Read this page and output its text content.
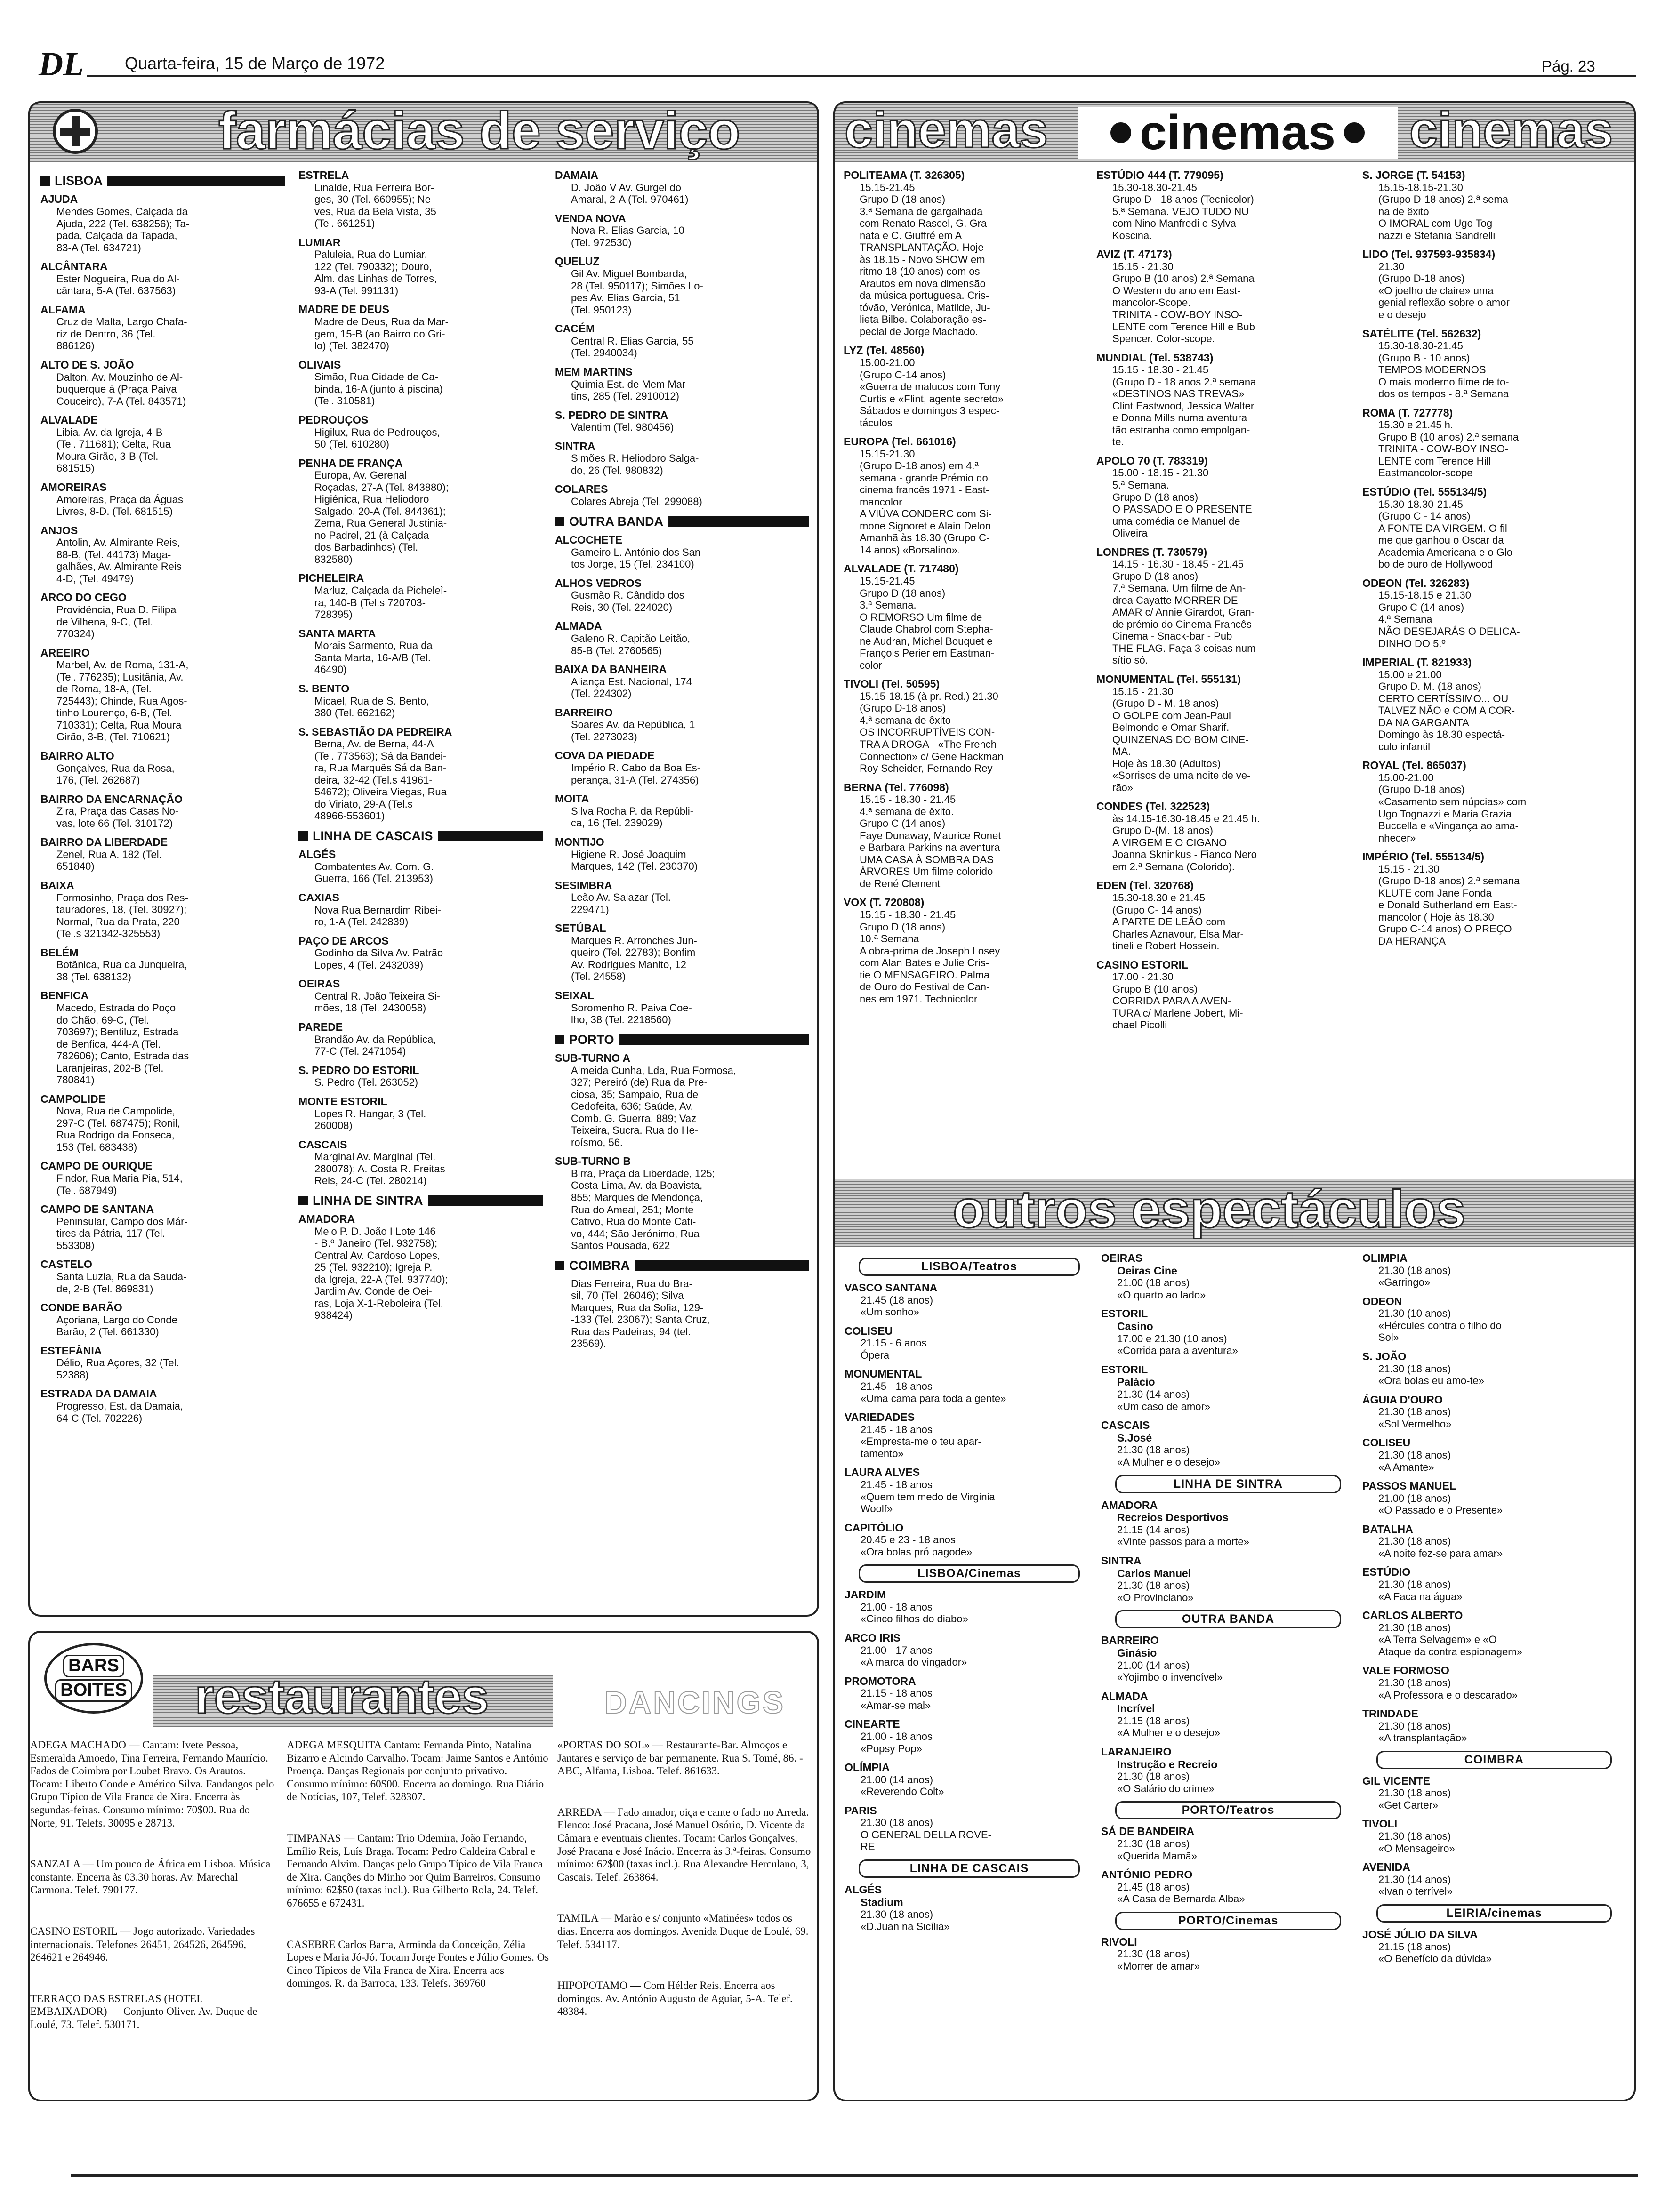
DL Quarta-feira, 15 de Março de 1972	Pág. 23
farmácias de serviço
LISBOA
AJUDA
Mendes Gomes, Calçada da
Ajuda, 222 (Tel. 638256); Ta-
pada, Calçada da Tapada,
83-A (Tel. 634721)
ALCÂNTARA
Ester Nogueira, Rua do Al-
cântara, 5-A (Tel. 637563)
ALFAMA
Cruz de Malta, Largo Chafa-
riz de Dentro, 36 (Tel.
886126)
ALTO DE S. JOÃO
Dalton, Av. Mouzinho de Al-
buquerque à (Praça Paiva
Couceiro), 7-A (Tel. 843571)
ALVALADE
Libia, Av. da Igreja, 4-B
(Tel. 711681); Celta, Rua
Moura Girão, 3-B (Tel.
681515)
AMOREIRAS
Amoreiras, Praça da Águas
Livres, 8-D. (Tel. 681515)
ANJOS
Antolin, Av. Almirante Reis,
88-B, (Tel. 44173) Maga-
galhães, Av. Almirante Reis
4-D, (Tel. 49479)
ARCO DO CEGO
Providência, Rua D. Filipa
de Vilhena, 9-C, (Tel.
770324)
AREEIRO
Marbel, Av. de Roma, 131-A,
(Tel. 776235); Lusitânia, Av.
de Roma, 18-A, (Tel.
725443); Chinde, Rua Agos-
tinho Lourenço, 6-B, (Tel.
710331); Celta, Rua Moura
Girão, 3-B, (Tel. 710621)
BAIRRO ALTO
Gonçalves, Rua da Rosa,
176, (Tel. 262687)
BAIRRO DA ENCARNAÇÃO
Zira, Praça das Casas No-
vas, lote 66 (Tel. 310172)
BAIRRO DA LIBERDADE
Zenel, Rua A. 182 (Tel.
651840)
BAIXA
Formosinho, Praça dos Res-
tauradores, 18, (Tel. 30927);
Normal, Rua da Prata, 220
(Tel.s 321342-325553)
BELÉM
Botânica, Rua da Junqueira,
38 (Tel. 638132)
BENFICA
Macedo, Estrada do Poço
do Chão, 69-C, (Tel.
703697); Bentiluz, Estrada
de Benfica, 444-A (Tel.
782606); Canto, Estrada das
Laranjeiras, 202-B (Tel.
780841)
CAMPOLIDE
Nova, Rua de Campolide,
297-C (Tel. 687475); Ronil,
Rua Rodrigo da Fonseca,
153 (Tel. 683438)
CAMPO DE OURIQUE
Findor, Rua Maria Pia, 514,
(Tel. 687949)
CAMPO DE SANTANA
Peninsular, Campo dos Már-
tires da Pátria, 117 (Tel.
553308)
CASTELO
Santa Luzia, Rua da Sauda-
de, 2-B (Tel. 869831)
CONDE BARÃO
Açoriana, Largo do Conde
Barão, 2 (Tel. 661330)
ESTEFÂNIA
Délio, Rua Açores, 32 (Tel.
52388)
ESTRADA DA DAMAIA
Progresso, Est. da Damaia,
64-C (Tel. 702226)
ESTRELA
Linalde, Rua Ferreira Bor-
ges, 30 (Tel. 660955); Ne-
ves, Rua da Bela Vista, 35
(Tel. 661251)
LUMIAR
Paluleia, Rua do Lumiar,
122 (Tel. 790332); Douro,
Alm. das Linhas de Torres,
93-A (Tel. 991131)
MADRE DE DEUS
Madre de Deus, Rua da Mar-
gem, 15-B (ao Bairro do Gri-
lo) (Tel. 382470)
OLIVAIS
Simão, Rua Cidade de Ca-
binda, 16-A (junto à piscina)
(Tel. 310581)
PEDROUÇOS
Higilux, Rua de Pedrouços,
50 (Tel. 610280)
PENHA DE FRANÇA
Europa, Av. Gerenal
Roçadas, 27-A (Tel. 843880);
Higiénica, Rua Heliodoro
Salgado, 20-A (Tel. 844361);
Zema, Rua General Justinia-
no Padrel, 21 (à Calçada
dos Barbadinhos) (Tel.
832580)
PICHELEIRA
Marluz, Calçada da Picheleì-
ra, 140-B (Tel.s 720703-
728395)
SANTA MARTA
Morais Sarmento, Rua da
Santa Marta, 16-A/B (Tel.
46490)
S. BENTO
Micael, Rua de S. Bento,
380 (Tel. 662162)
S. SEBASTIÃO DA PEDREIRA
Berna, Av. de Berna, 44-A
(Tel. 773563); Sá da Bandei-
ra, Rua Marquês Sá da Ban-
deira, 32-42 (Tel.s 41961-
54672); Oliveira Viegas, Rua
do Viriato, 29-A (Tel.s
48966-553601)
LINHA DE CASCAIS
ALGÉS
Combatentes Av. Com. G.
Guerra, 166 (Tel. 213953)
CAXIAS
Nova Rua Bernardim Ribei-
ro, 1-A (Tel. 242839)
PAÇO DE ARCOS
Godinho da Silva Av. Patrão
Lopes, 4 (Tel. 2432039)
OEIRAS
Central R. João Teixeira Si-
mões, 18 (Tel. 2430058)
PAREDE
Brandão Av. da República,
77-C (Tel. 2471054)
S. PEDRO DO ESTORIL
S. Pedro (Tel. 263052)
MONTE ESTORIL
Lopes R. Hangar, 3 (Tel.
260008)
CASCAIS
Marginal Av. Marginal (Tel.
280078); A. Costa R. Freitas
Reis, 24-C (Tel. 280214)
LINHA DE SINTRA
AMADORA
Melo P. D. João I Lote 146
- B.º Janeiro (Tel. 932758);
Central Av. Cardoso Lopes,
25 (Tel. 932210); Igreja P.
da Igreja, 22-A (Tel. 937740);
Jardim Av. Conde de Oei-
ras, Loja X-1-Reboleira (Tel.
938424)
DAMAIA
D. João V Av. Gurgel do
Amaral, 2-A (Tel. 970461)
VENDA NOVA
Nova R. Elias Garcia, 10
(Tel. 972530)
QUELUZ
Gil Av. Miguel Bombarda,
28 (Tel. 950117); Simões Lo-
pes Av. Elias Garcia, 51
(Tel. 950123)
CACÉM
Central R. Elias Garcia, 55
(Tel. 2940034)
MEM MARTINS
Quimia Est. de Mem Mar-
tins, 285 (Tel. 2910012)
S. PEDRO DE SINTRA
Valentim (Tel. 980456)
SINTRA
Simões R. Heliodoro Salga-
do, 26 (Tel. 980832)
COLARES
Colares Abreja (Tel. 299088)
OUTRA BANDA
ALCOCHETE
Gameiro L. António dos San-
tos Jorge, 15 (Tel. 234100)
ALHOS VEDROS
Gusmão R. Cândido dos
Reis, 30 (Tel. 224020)
ALMADA
Galeno R. Capitão Leitão,
85-B (Tel. 2760565)
BAIXA DA BANHEIRA
Aliança Est. Nacional, 174
(Tel. 224302)
BARREIRO
Soares Av. da República, 1
(Tel. 2273023)
COVA DA PIEDADE
Império R. Cabo da Boa Es-
perança, 31-A (Tel. 274356)
MOITA
Silva Rocha P. da Repúbli-
ca, 16 (Tel. 239029)
MONTIJO
Higiene R. José Joaquim
Marques, 142 (Tel. 230370)
SESIMBRA
Leão Av. Salazar (Tel.
229471)
SETÚBAL
Marques R. Arronches Jun-
queiro (Tel. 22783); Bonfim
Av. Rodrigues Manito, 12
(Tel. 24558)
SEIXAL
Soromenho R. Paiva Coe-
lho, 38 (Tel. 2218560)
PORTO
SUB-TURNO A
Almeida Cunha, Lda, Rua Formosa,
327; Pereiró (de) Rua da Pre-
ciosa, 35; Sampaio, Rua de
Cedofeita, 636; Saúde, Av.
Comb. G. Guerra, 889; Vaz
Teixeira, Sucra. Rua do He-
roísmo, 56.
SUB-TURNO B
Birra, Praça da Liberdade, 125;
Costa Lima, Av. da Boavista,
855; Marques de Mendonça,
Rua do Ameal, 251; Monte
Cativo, Rua do Monte Cati-
vo, 444; São Jerónimo, Rua
Santos Pousada, 622
COIMBRA
Dias Ferreira, Rua do Bra-
sil, 70 (Tel. 26046); Silva
Marques, Rua da Sofia, 129-
-133 (Tel. 23067); Santa Cruz,
Rua das Padeiras, 94 (tel.
23569).
cinemas cinemas cinemas
POLITEAMA (T. 326305)
15.15-21.45
Grupo D (18 anos)
3.ª Semana de gargalhada
com Renato Rascel, G. Gra-
nata e C. Giuffré em A
TRANSPLANTAÇÃO. Hoje
às 18.15 - Novo SHOW em
ritmo 18 (10 anos) com os
Arautos em nova dimensão
da música portuguesa. Cris-
tóvão, Verónica, Matilde, Ju-
lieta Bilbe. Colaboração es-
pecial de Jorge Machado.
LYZ (Tel. 48560)
15.00-21.00
(Grupo C-14 anos)
«Guerra de malucos com Tony
Curtis e «Flint, agente secreto»
Sábados e domingos 3 espec-
táculos
EUROPA (Tel. 661016)
15.15-21.30
(Grupo D-18 anos) em 4.ª
semana - grande Prémio do
cinema francês 1971 - East-
mancolor
A VIÚVA CONDERC com Si-
mone Signoret e Alain Delon
Amanhã às 18.30 (Grupo C-
14 anos) «Borsalino».
ALVALADE (T. 717480)
15.15-21.45
Grupo D (18 anos)
3.ª Semana.
O REMORSO Um filme de
Claude Chabrol com Stepha-
ne Audran, Michel Bouquet e
François Perier em Eastman-
color
TIVOLI (Tel. 50595)
15.15-18.15 (à pr. Red.) 21.30
(Grupo D-18 anos)
4.ª semana de êxito
OS INCORRUPTÍVEIS CON-
TRA A DROGA - «The French
Connection» c/ Gene Hackman
Roy Scheider, Fernando Rey
BERNA (Tel. 776098)
15.15 - 18.30 - 21.45
4.ª semana de êxito.
Grupo C (14 anos)
Faye Dunaway, Maurice Ronet
e Barbara Parkins na aventura
UMA CASA À SOMBRA DAS
ÁRVORES Um filme colorido
de René Clement
VOX (T. 720808)
15.15 - 18.30 - 21.45
Grupo D (18 anos)
10.ª Semana
A obra-prima de Joseph Losey
com Alan Bates e Julie Cris-
tie O MENSAGEIRO. Palma
de Ouro do Festival de Can-
nes em 1971. Technicolor
ESTÚDIO 444 (T. 779095)
15.30-18.30-21.45
Grupo D - 18 anos (Tecnicolor)
5.ª Semana. VEJO TUDO NU
com Nino Manfredi e Sylva
Koscina.
AVIZ (T. 47173)
15.15 - 21.30
Grupo B (10 anos) 2.ª Semana
O Western do ano em East-
mancolor-Scope.
TRINITA - COW-BOY INSO-
LENTE com Terence Hill e Bub
Spencer. Color-scope.
MUNDIAL (Tel. 538743)
15.15 - 18.30 - 21.45
(Grupo D - 18 anos 2.ª semana
«DESTINOS NAS TREVAS»
Clint Eastwood, Jessica Walter
e Donna Mills numa aventura
tão estranha como empolgan-
te.
APOLO 70 (T. 783319)
15.00 - 18.15 - 21.30
5.ª Semana.
Grupo D (18 anos)
O PASSADO E O PRESENTE
uma comédia de Manuel de
Oliveira
LONDRES (T. 730579)
14.15 - 16.30 - 18.45 - 21.45
Grupo D (18 anos)
7.ª Semana. Um filme de An-
drea Cayatte MORRER DE
AMAR c/ Annie Girardot, Gran-
de prémio do Cinema Francês
Cinema - Snack-bar - Pub
THE FLAG. Faça 3 coisas num
sítio só.
MONUMENTAL (Tel. 555131)
15.15 - 21.30
(Grupo D - M. 18 anos)
O GOLPE com Jean-Paul
Belmondo e Omar Sharif.
QUINZENAS DO BOM CINE-
MA.
Hoje às 18.30 (Adultos)
«Sorrisos de uma noite de ve-
rão»
CONDES (Tel. 322523)
às 14.15-16.30-18.45 e 21.45 h.
Grupo D-(M. 18 anos)
A VIRGEM E O CIGANO
Joanna Skninkus - Fianco Nero
em 2.ª Semana (Colorido).
EDEN (Tel. 320768)
15.30-18.30 e 21.45
(Grupo C- 14 anos)
A PARTE DE LEÃO com
Charles Aznavour, Elsa Mar-
tineli e Robert Hossein.
CASINO ESTORIL
17.00 - 21.30
Grupo B (10 anos)
CORRIDA PARA A AVEN-
TURA c/ Marlene Jobert, Mi-
chael Picolli
S. JORGE (T. 54153)
15.15-18.15-21.30
(Grupo D-18 anos) 2.ª sema-
na de êxito
O IMORAL com Ugo Tog-
nazzi e Stefania Sandrelli
LIDO (Tel. 937593-935834)
21.30
(Grupo D-18 anos)
«O joelho de claire» uma
genial reflexão sobre o amor
e o desejo
SATÉLITE (Tel. 562632)
15.30-18.30-21.45
(Grupo B - 10 anos)
TEMPOS MODERNOS
O mais moderno filme de to-
dos os tempos - 8.ª Semana
ROMA (T. 727778)
15.30 e 21.45 h.
Grupo B (10 anos) 2.ª semana
TRINITA - COW-BOY INSO-
LENTE com Terence Hill
Eastmancolor-scope
ESTÚDIO (Tel. 555134/5)
15.30-18.30-21.45
(Grupo C - 14 anos)
A FONTE DA VIRGEM. O fil-
me que ganhou o Oscar da
Academia Americana e o Glo-
bo de ouro de Hollywood
ODEON (Tel. 326283)
15.15-18.15 e 21.30
Grupo C (14 anos)
4.ª Semana
NÃO DESEJARÁS O DELICA-
DINHO DO 5.º
IMPERIAL (T. 821933)
15.00 e 21.00
Grupo D. M. (18 anos)
CERTO CERTÍSSIMO... OU
TALVEZ NÃO e COM A COR-
DA NA GARGANTA
Domingo às 18.30 espectá-
culo infantil
ROYAL (Tel. 865037)
15.00-21.00
(Grupo D-18 anos)
«Casamento sem núpcias» com
Ugo Tognazzi e Maria Grazia
Buccella e «Vingança ao ama-
nhecer»
IMPÉRIO (Tel. 555134/5)
15.15 - 21.30
(Grupo D-18 anos) 2.ª semana
KLUTE com Jane Fonda
e Donald Sutherland em East-
mancolor ( Hoje às 18.30
Grupo C-14 anos) O PREÇO
DA HERANÇA
outros espectáculos
LISBOA/Teatros
VASCO SANTANA
21.45 (18 anos)
«Um sonho»
COLISEU
21.15 - 6 anos
Ópera
MONUMENTAL
21.45 - 18 anos
«Uma cama para toda a gente»
VARIEDADES
21.45 - 18 anos
«Empresta-me o teu apar-
tamento»
LAURA ALVES
21.45 - 18 anos
«Quem tem medo de Virginia
Woolf»
CAPITÓLIO
20.45 e 23 - 18 anos
«Ora bolas pró pagode»
LISBOA/Cinemas
JARDIM
21.00 - 18 anos
«Cinco filhos do diabo»
ARCO IRIS
21.00 - 17 anos
«A marca do vingador»
PROMOTORA
21.15 - 18 anos
«Amar-se mal»
CINEARTE
21.00 - 18 anos
«Popsy Pop»
OLÍMPIA
21.00 (14 anos)
«Reverendo Colt»
PARIS
21.30 (18 anos)
O GENERAL DELLA ROVE-
RE
LINHA DE CASCAIS
ALGÉS
Stadium
21.30 (18 anos)
«D.Juan na Sicília»
OEIRAS
Oeiras Cine
21.00 (18 anos)
«O quarto ao lado»
ESTORIL
Casino
17.00 e 21.30 (10 anos)
«Corrida para a aventura»
ESTORIL
Palácio
21.30 (14 anos)
«Um caso de amor»
CASCAIS
S.José
21.30 (18 anos)
«A Mulher e o desejo»
LINHA DE SINTRA
AMADORA
Recreios Desportivos
21.15 (14 anos)
«Vinte passos para a morte»
SINTRA
Carlos Manuel
21.30 (18 anos)
«O Provinciano»
OUTRA BANDA
BARREIRO
Ginásio
21.00 (14 anos)
«Yojimbo o invencível»
ALMADA
Incrível
21.15 (18 anos)
«A Mulher e o desejo»
LARANJEIRO
Instrução e Recreio
21.30 (18 anos)
«O Salário do crime»
PORTO/Teatros
SÁ DE BANDEIRA
21.30 (18 anos)
«Querida Mamã»
ANTÓNIO PEDRO
21.45 (18 anos)
«A Casa de Bernarda Alba»
PORTO/Cinemas
RIVOLI
21.30 (18 anos)
«Morrer de amar»
OLIMPIA
21.30 (18 anos)
«Garringo»
ODEON
21.30 (10 anos)
«Hércules contra o filho do
Sol»
S. JOÃO
21.30 (18 anos)
«Ora bolas eu amo-te»
ÁGUIA D'OURO
21.30 (18 anos)
«Sol Vermelho»
COLISEU
21.30 (18 anos)
«A Amante»
PASSOS MANUEL
21.00 (18 anos)
«O Passado e o Presente»
BATALHA
21.30 (18 anos)
«A noite fez-se para amar»
ESTÚDIO
21.30 (18 anos)
«A Faca na água»
CARLOS ALBERTO
21.30 (18 anos)
«A Terra Selvagem» e «O
Ataque da contra espionagem»
VALE FORMOSO
21.30 (18 anos)
«A Professora e o descarado»
TRINDADE
21.30 (18 anos)
«A transplantação»
COIMBRA
GIL VICENTE
21.30 (18 anos)
«Get Carter»
TIVOLI
21.30 (18 anos)
«O Mensageiro»
AVENIDA
21.30 (14 anos)
«Ivan o terrível»
LEIRIA/cinemas
JOSÉ JÚLIO DA SILVA
21.15 (18 anos)
«O Benefício da dúvida»
BARS
BOITES restaurantes	DANCINGS
ADEGA MACHADO — Cantam: Ivete Pessoa, Esmeralda Amoedo, Tina Ferreira, Fernando Maurício. Fados de Coimbra por Loubet Bravo. Os Arautos. Tocam: Liberto Conde e Américo Silva. Fandangos pelo Grupo Típico de Vila Franca de Xira. Encerra às segundas-feiras. Consumo mínimo: 70$00. Rua do Norte, 91. Telefs. 30095 e 28713.
SANZALA — Um pouco de África em Lisboa. Música constante. Encerra às 03.30 horas. Av. Marechal Carmona. Telef. 790177.
CASINO ESTORIL — Jogo autorizado. Variedades internacionais. Telefones 26451, 264526, 264596, 264621 e 264946.
TERRAÇO DAS ESTRELAS (HOTEL EMBAIXADOR) — Conjunto Oliver. Av. Duque de Loulé, 73. Telef. 530171.
ADEGA MESQUITA Cantam: Fernanda Pinto, Natalina Bizarro e Alcindo Carvalho. Tocam: Jaime Santos e António Proença. Danças Regionais por conjunto privativo. Consumo mínimo: 60$00. Encerra ao domingo. Rua Diário de Notícias, 107, Telef. 328307.
TIMPANAS — Cantam: Trio Odemira, João Fernando, Emílio Reis, Luís Braga. Tocam: Pedro Caldeira Cabral e Fernando Alvim. Danças pelo Grupo Típico de Vila Franca de Xira. Canções do Minho por Quim Barreiros. Consumo mínimo: 62$50 (taxas incl.). Rua Gilberto Rola, 24. Telef. 676655 e 672431.
CASEBRE Carlos Barra, Arminda da Conceição, Zélia Lopes e Maria Jó-Jó. Tocam Jorge Fontes e Júlio Gomes. Os Cinco Típicos de Vila Franca de Xira. Encerra aos domingos. R. da Barroca, 133. Telefs. 369760
«PORTAS DO SOL» — Restaurante-Bar. Almoços e Jantares e serviço de bar permanente. Rua S. Tomé, 86. -ABC, Alfama, Lisboa. Telef. 861633.
ARREDA — Fado amador, oiça e cante o fado no Arreda. Elenco: José Pracana, José Manuel Osório, D. Vicente da Câmara e eventuais clientes. Tocam: Carlos Gonçalves, José Pracana e José Inácio. Encerra às 3.ª-feiras. Consumo mínimo: 62$00 (taxas incl.). Rua Alexandre Herculano, 3, Cascais. Telef. 263864.
TAMILA — Marão e s/ conjunto «Matinées» todos os dias. Encerra aos domingos. Avenida Duque de Loulé, 69. Telef. 534117.
HIPOPOTAMO — Com Hélder Reis. Encerra aos domingos. Av. António Augusto de Aguiar, 5-A. Telef. 48384.
